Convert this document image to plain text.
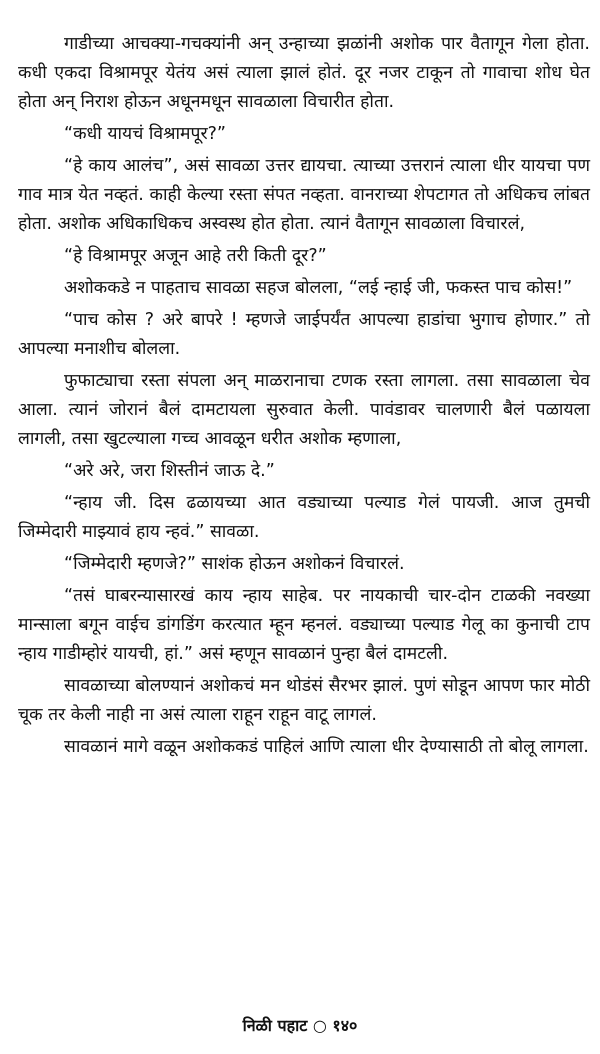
गाडीच्या आचक्या-गचक्यांनी अन् उन्हाच्या झळांनी अशोक पार वैतागून गेला होता. कधी एकदा विश्रामपूर येतंय असं त्याला झालं होतं. दूर नजर टाकून तो गावाचा शोध घेत होता अन् निराश होऊन अधूनमधून सावळाला विचारीत होता.

“कधी यायचं विश्रामपूर?”

“हे काय आलंच”, असं सावळा उत्तर द्यायचा. त्याच्या उत्तरानं त्याला धीर यायचा पण गाव मात्र येत नव्हतं. काही केल्या रस्ता संपत नव्हता. वानराच्या शेपटागत तो अधिकच लांबत होता. अशोक अधिकाधिकच अस्वस्थ होत होता. त्यानं वैतागून सावळाला विचारलं,

“हे विश्रामपूर अजून आहे तरी किती दूर?”

अशोककडे न पाहताच सावळा सहज बोलला, “लई न्हाई जी, फकस्त पाच कोस!”

“पाच कोस ? अरे बापरे ! म्हणजे जाईपर्यंत आपल्या हाडांचा भुगाच होणार.” तो आपल्या मनाशीच बोलला.

फुफाट्याचा रस्ता संपला अन् माळरानाचा टणक रस्ता लागला. तसा सावळाला चेव आला. त्यानं जोरानं बैलं दामटायला सुरुवात केली. पावंडावर चालणारी बैलं पळायला लागली, तसा खुटल्याला गच्च आवळून धरीत अशोक म्हणाला,

“अरे अरे, जरा शिस्तीनं जाऊ दे.”

“न्हाय जी. दिस ढळायच्या आत वड्याच्या पल्याड गेलं पायजी. आज तुमची जिम्मेदारी माझ्यावं हाय न्हवं.” सावळा.

“जिम्मेदारी म्हणजे?” साशंक होऊन अशोकनं विचारलं.

“तसं घाबरन्यासारखं काय न्हाय साहेब. पर नायकाची चार-दोन टाळकी नवख्या मान्साला बगून वाईच डांगडिंग करत्यात म्हून म्हनलं. वड्याच्या पल्याड गेलू का कुनाची टाप न्हाय गाडीम्होरं यायची, हां.” असं म्हणून सावळानं पुन्हा बैलं दामटली.

सावळाच्या बोलण्यानं अशोकचं मन थोडंसं सैरभर झालं. पुणं सोडून आपण फार मोठी चूक तर केली नाही ना असं त्याला राहून राहून वाटू लागलं.

सावळानं मागे वळून अशोककडं पाहिलं आणि त्याला धीर देण्यासाठी तो बोलू लागला.

निळी पहाट ○ १४०
